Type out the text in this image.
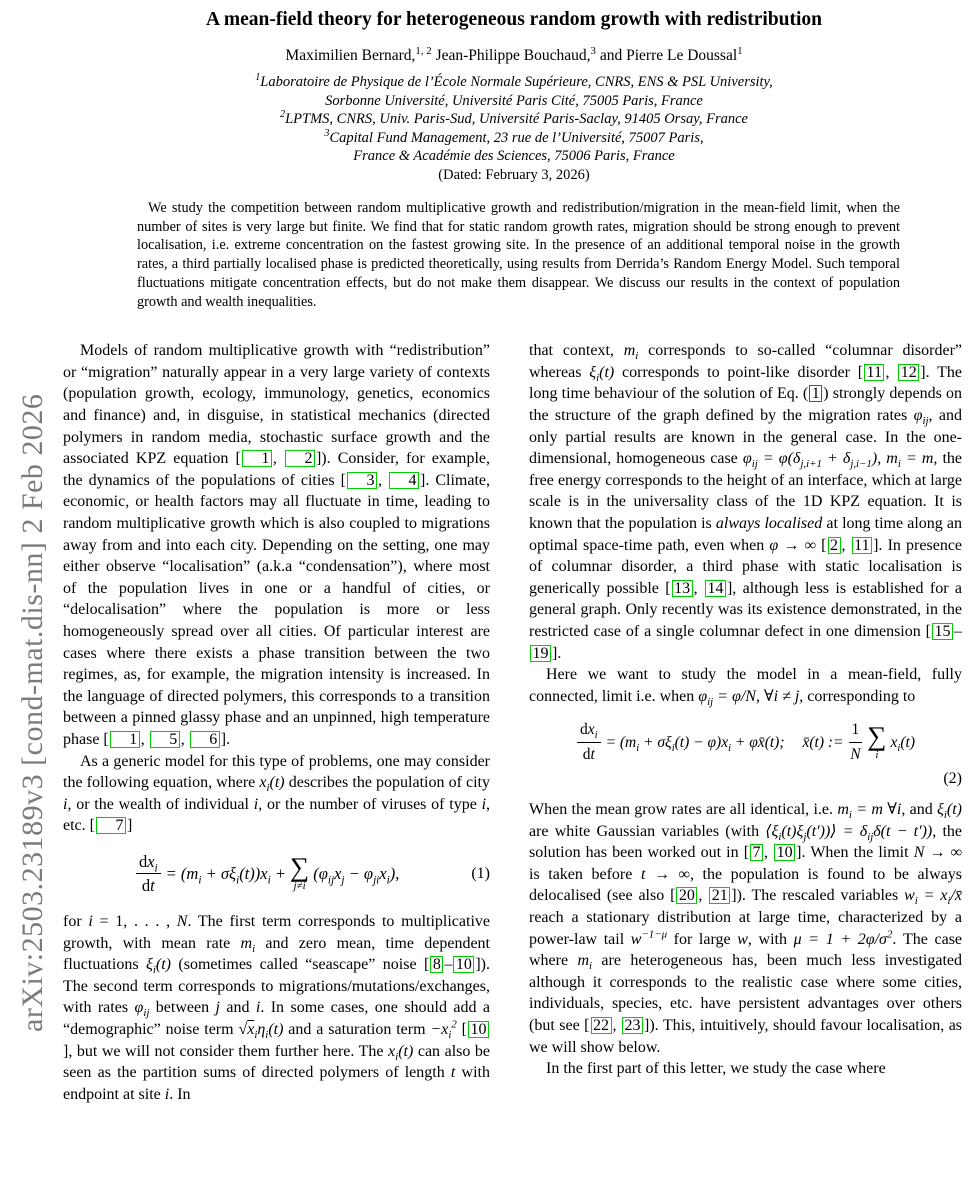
arXiv:2503.23189v3 [cond-mat.dis-nn] 2 Feb 2026
A mean-field theory for heterogeneous random growth with redistribution
Maximilien Bernard,$^{1, 2}$ Jean-Philippe Bouchaud,$^3$ and Pierre Le Doussal$^1$
$^1$Laboratoire de Physique de l’École Normale Supérieure, CNRS, ENS & PSL University,
Sorbonne Université, Université Paris Cité, 75005 Paris, France
$^2$LPTMS, CNRS, Univ. Paris-Sud, Université Paris-Saclay, 91405 Orsay, France
$^3$Capital Fund Management, 23 rue de l’Université, 75007 Paris,
France & Académie des Sciences, 75006 Paris, France
(Dated: February 3, 2026)
We study the competition between random multiplicative growth and redistribution/migration in the mean-field limit, when the number of sites is very large but finite. We find that for static random growth rates, migration should be strong enough to prevent localisation, i.e. extreme concentration on the fastest growing site. In the presence of an additional temporal noise in the growth rates, a third partially localised phase is predicted theoretically, using results from Derrida’s Random Energy Model. Such temporal fluctuations mitigate concentration effects, but do not make them disappear. We discuss our results in the context of population growth and wealth inequalities.

Models of random multiplicative growth with “redistribution” or “migration” naturally appear in a very large variety of contexts (population growth, ecology, immunology, genetics, economics and finance) and, in disguise, in statistical mechanics (directed polymers in random media, stochastic surface growth and the associated KPZ equation [ 1 , 2 ]). Consider, for example, the dynamics of the populations of cities [ 3 , 4 ]. Climate, economic, or health factors may all fluctuate in time, leading to random multiplicative growth which is also coupled to migrations away from and into each city. Depending on the setting, one may either observe “localisation” (a.k.a “condensation”), where most of the population lives in one or a handful of cities, or “delocalisation” where the population is more or less homogeneously spread over all cities. Of particular interest are cases where there exists a phase transition between the two regimes, as, for example, the migration intensity is increased. In the language of directed polymers, this corresponds to a transition between a pinned glassy phase and an unpinned, high temperature phase [ 1 , 5 , 6 ].

As a generic model for this type of problems, one may consider the following equation, where $x_i(t)$ describes the population of city i, or the wealth of individual i, or the number of viruses of type i, etc. [ 7 ]

$\frac{dx_i}{dt} = (m_i + \sigma\xi_i(t))x_i$ + ∑
j≠i
$(\varphi_{ij}x_j - \varphi_{ji}x_i)$,	(1)

for i = 1, . . . , N. The first term corresponds to multiplicative growth, with mean rate $m_i$ and zero mean, time dependent fluctuations $\xi_i(t)$ (sometimes called “seascape” noise [ 8 – 10 ]). The second term corresponds to migrations/mutations/exchanges, with rates $\varphi_{ij}$ between j and i. In some cases, one should add a “demographic” noise term $√x_i\eta_i(t)$ and a saturation term $-x_i^2$ [ 10], but we will not consider them further here. The $x_i(t)$ can also be seen as the partition sums of directed polymers of length t with endpoint at site i. In

that context, $m_i$ corresponds to so-called “columnar disorder” whereas $\xi_i(t)$ corresponds to point-like disorder [ 11 , 12 ]. The long time behaviour of the solution of Eq. ( 1 ) strongly depends on the structure of the graph defined by the migration rates $\varphi_{ij}$, and only partial results are known in the general case. In the one-dimensional, homogeneous case $\varphi_{ij} = \varphi(\delta_{j,i+1} + \delta_{j,i-1})$, $m_i = m$, the free energy corresponds to the height of an interface, which at large scale is in the universality class of the 1D KPZ equation. It is known that the population is always localised at long time along an optimal space-time path, even when φ → ∞ [ 2 , 11 ]. In presence of columnar disorder, a third phase with static localisation is generically possible [ 13 , 14 ], although less is established for a general graph. Only recently was its existence demonstrated, in the restricted case of a single columnar defect in one dimension [ 15 –19 ].

Here we want to study the model in a mean-field, fully connected, limit i.e. when $\varphi_{ij} = \varphi/N$, ∀i ≠ j, corresponding to

$\frac{dx_i}{dt} = (m_i + \sigma\xi_i(t) - \varphi)x_i$ + φx̄(t); x̄(t) := $\frac{1}{N}$ ∑
i
$x_i(t)$
(2)

When the mean grow rates are all identical, i.e. $m_i = m$ ∀i, and $\xi_i(t)$ are white Gaussian variables (with $⟨\xi_i(t)\xi_j(t'))⟩ = \delta_{ij}\delta(t - t')$), the solution has been worked out in [ 7 , 10 ]. When the limit N → ∞ is taken before t → ∞, the population is found to be always delocalised (see also [ 20 , 21 ]). The rescaled variables $w_i$ = $x_i/x̄$ reach a stationary distribution at large time, characterized by a power-law tail $w^{-1-\mu}$ for large w, with $\mu = 1 + 2\varphi/\sigma^2$. The case where $m_i$ are heterogeneous has, been much less investigated although it corresponds to the realistic case where some cities, individuals, species, etc. have persistent advantages over others (but see [ 22 , 23 ]). This, intuitively, should favour localisation, as we will show below.

In the first part of this letter, we study the case where
